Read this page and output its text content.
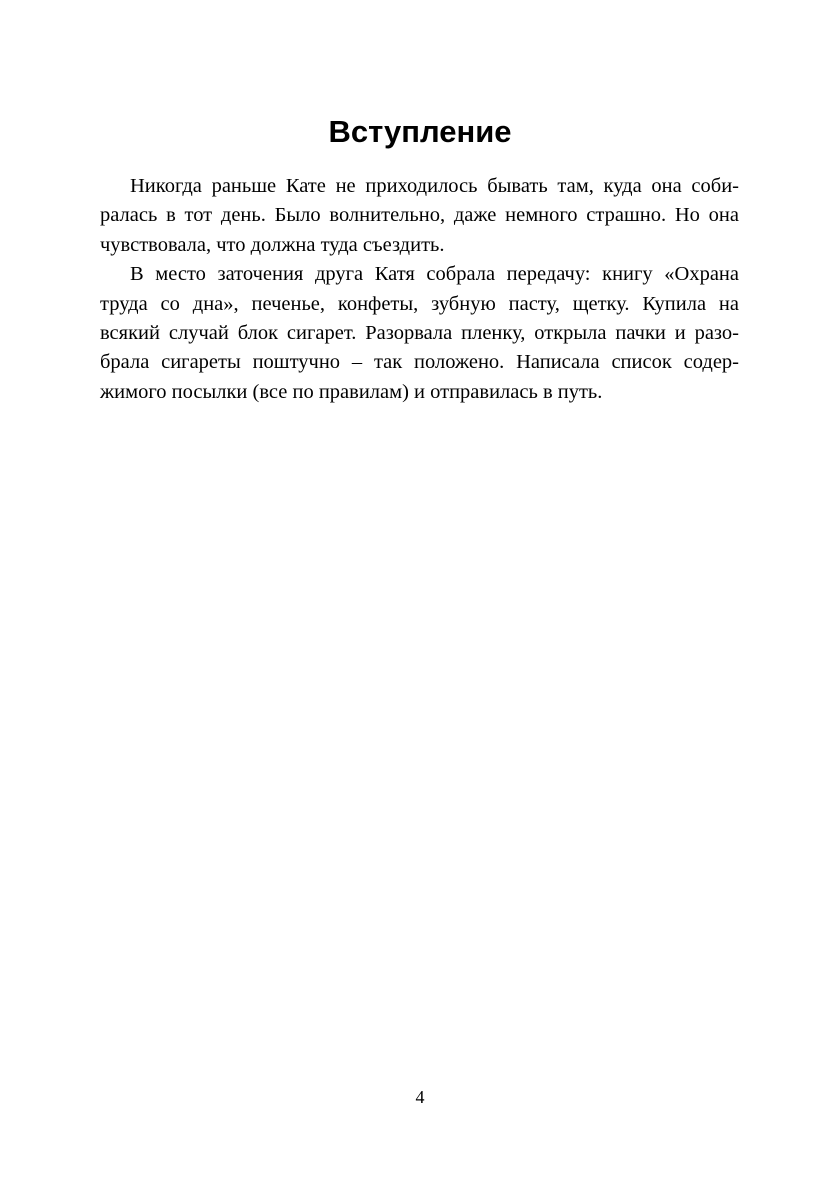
Вступление
Никогда раньше Кате не приходилось бывать там, куда она соби-
ралась в тот день. Было волнительно, даже немного страшно. Но она
чувствовала, что должна туда съездить.
В место заточения друга Катя собрала передачу: книгу «Охрана
труда со дна», печенье, конфеты, зубную пасту, щетку. Купила на
всякий случай блок сигарет. Разорвала пленку, открыла пачки и разо-
брала сигареты поштучно – так положено. Написала список содер-
жимого посылки (все по правилам) и отправилась в путь.
4
